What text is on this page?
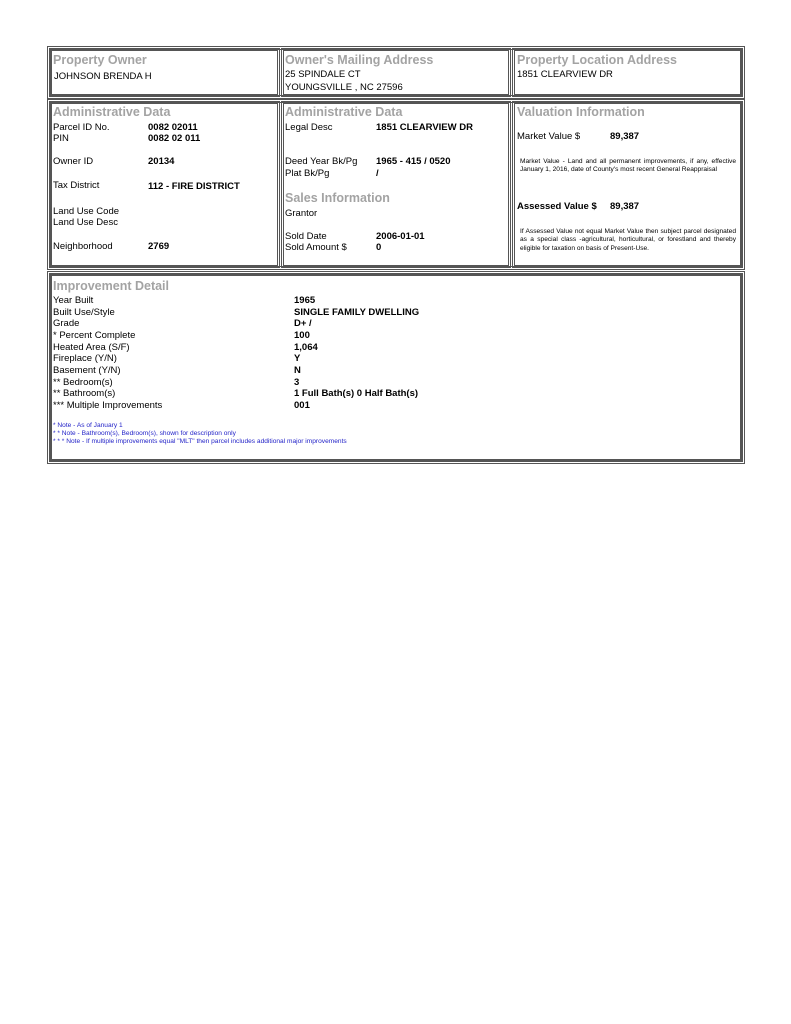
Property Owner
JOHNSON BRENDA H
Owner's Mailing Address
25 SPINDALE CT
YOUNGSVILLE , NC 27596
Property Location Address
1851 CLEARVIEW DR
Administrative Data
Parcel ID No.	0082 02011
PIN	0082 02 011
Owner ID	20134
Tax District	112 - FIRE DISTRICT
Land Use Code
Land Use Desc
Neighborhood	2769
Administrative Data
Legal Desc	1851 CLEARVIEW DR
Deed Year Bk/Pg 1965 - 415 / 0520
Plat Bk/Pg	/
Sales Information
Grantor
Sold Date	2006-01-01
Sold Amount $	0
Valuation Information
Market Value $	89,387
Market Value - Land and all permanent improvements, if any, effective January 1, 2016, date of County's most recent General Reappraisal
Assessed Value $ 89,387
If Assessed Value not equal Market Value then subject parcel designated as a special class -agricultural, horticultural, or forestland and thereby eligible for taxation on basis of Present-Use.
Improvement Detail
Year Built	1965
Built Use/Style	SINGLE FAMILY DWELLING
Grade	D+ /
* Percent Complete	100
Heated Area (S/F)	1,064
Fireplace (Y/N)	Y
Basement (Y/N)	N
** Bedroom(s)	3
** Bathroom(s)	1 Full Bath(s) 0 Half Bath(s)
*** Multiple Improvements	001
* Note - As of January 1
* * Note - Bathroom(s), Bedroom(s), shown for description only
* * * Note - If multiple improvements equal "MLT" then parcel includes additional major improvements
